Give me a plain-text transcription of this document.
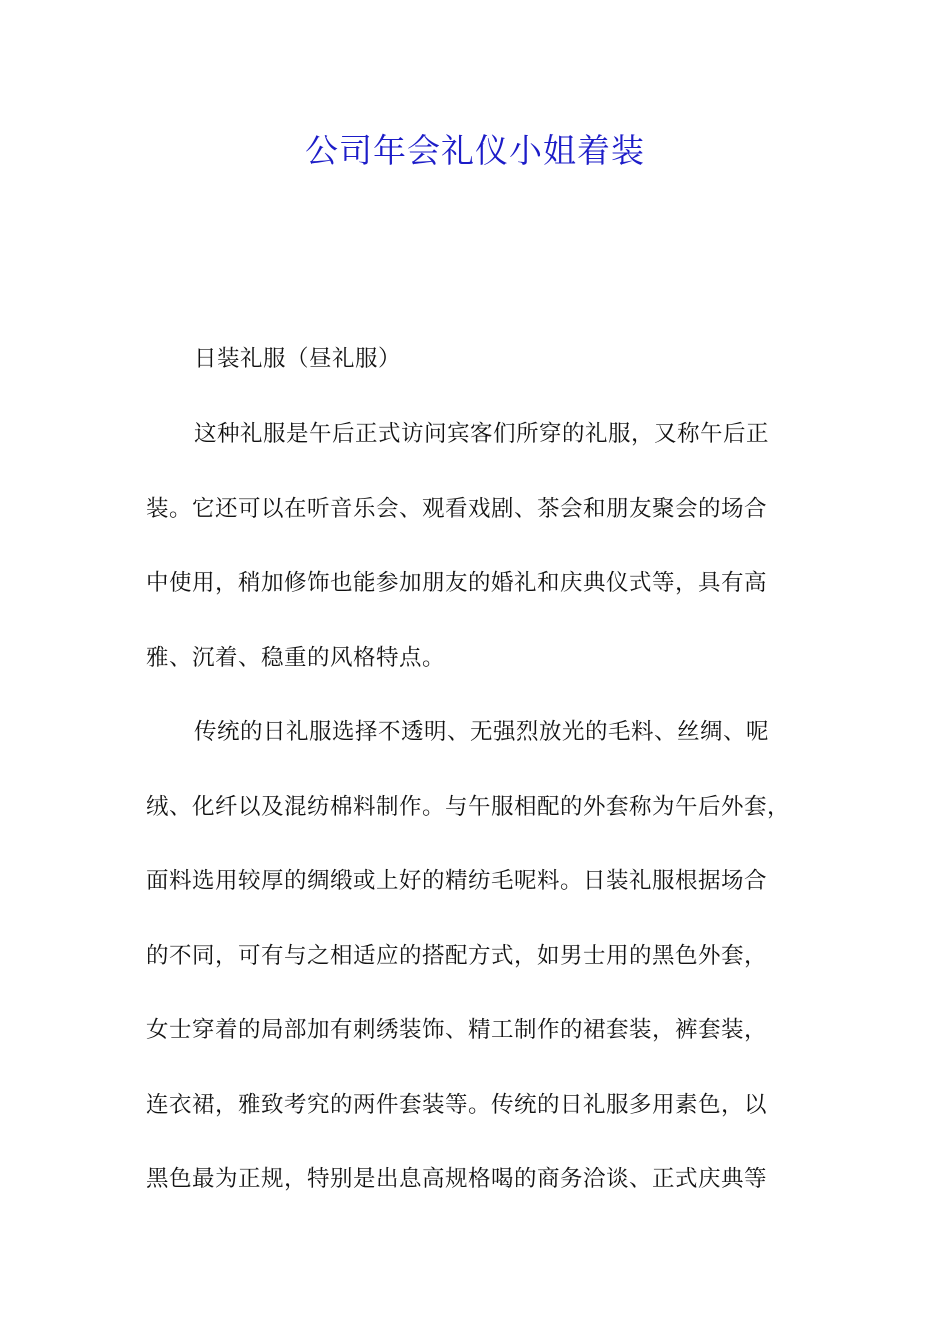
公司年会礼仪小姐着装

日装礼服（昼礼服）

这种礼服是午后正式访问宾客们所穿的礼服，又称午后正
装。它还可以在听音乐会、观看戏剧、茶会和朋友聚会的场合
中使用，稍加修饰也能参加朋友的婚礼和庆典仪式等，具有高
雅、沉着、稳重的风格特点。
传统的日礼服选择不透明、无强烈放光的毛料、丝绸、呢
绒、化纤以及混纺棉料制作。与午服相配的外套称为午后外套，
面料选用较厚的绸缎或上好的精纺毛呢料。日装礼服根据场合
的不同，可有与之相适应的搭配方式，如男士用的黑色外套，
女士穿着的局部加有刺绣装饰、精工制作的裙套装，裤套装，
连衣裙，雅致考究的两件套装等。传统的日礼服多用素色，以
黑色最为正规，特别是出息高规格喝的商务洽谈、正式庆典等
